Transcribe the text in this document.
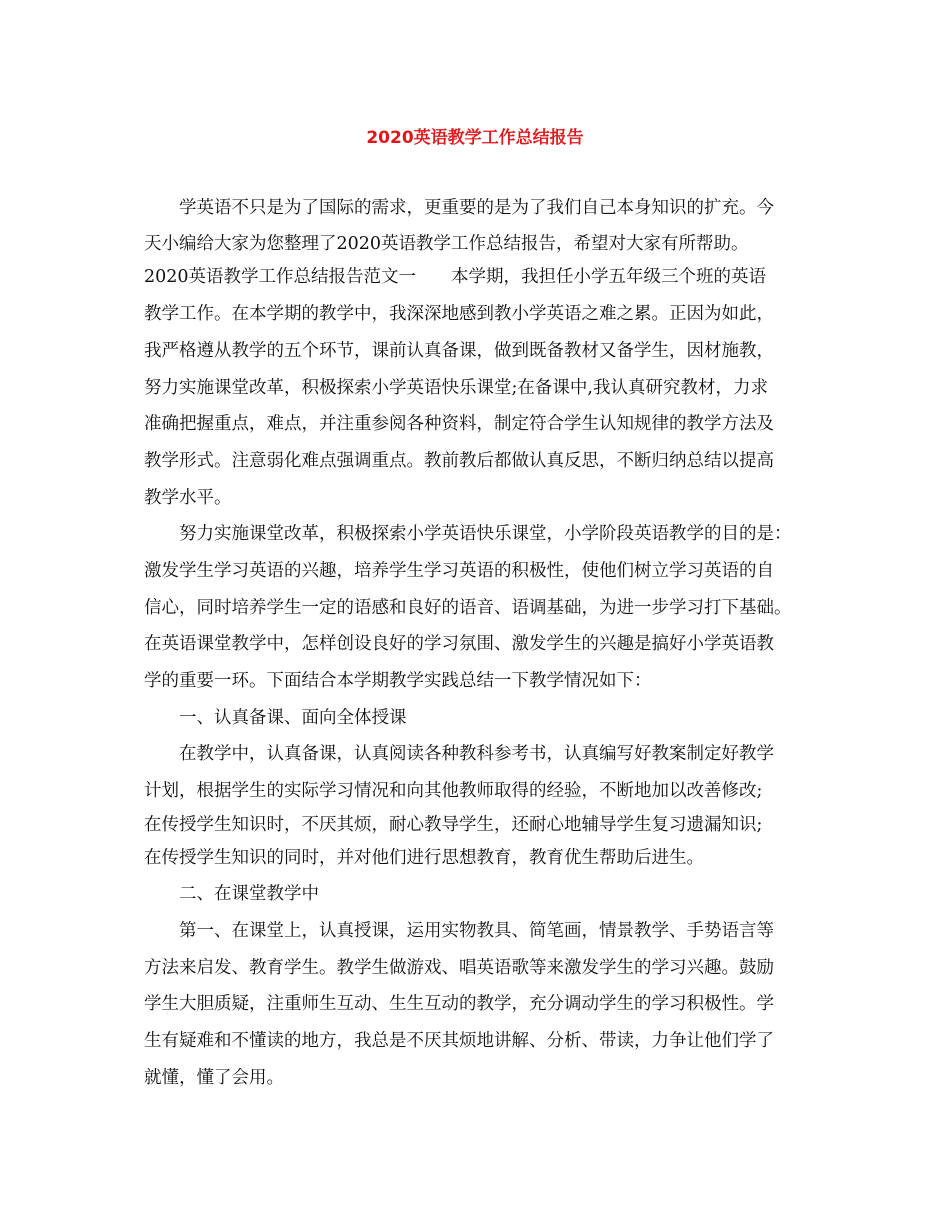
2020英语教学工作总结报告
学英语不只是为了国际的需求，更重要的是为了我们自己本身知识的扩充。今
天小编给大家为您整理了2020英语教学工作总结报告，希望对大家有所帮助。
2020英语教学工作总结报告范文一　　本学期，我担任小学五年级三个班的英语
教学工作。在本学期的教学中，我深深地感到教小学英语之难之累。正因为如此，
我严格遵从教学的五个环节，课前认真备课，做到既备教材又备学生，因材施教，
努力实施课堂改革，积极探索小学英语快乐课堂;在备课中,我认真研究教材，力求
准确把握重点，难点，并注重参阅各种资料，制定符合学生认知规律的教学方法及
教学形式。注意弱化难点强调重点。教前教后都做认真反思，不断归纳总结以提高
教学水平。
努力实施课堂改革，积极探索小学英语快乐课堂，小学阶段英语教学的目的是：
激发学生学习英语的兴趣，培养学生学习英语的积极性，使他们树立学习英语的自
信心，同时培养学生一定的语感和良好的语音、语调基础，为进一步学习打下基础。
在英语课堂教学中，怎样创设良好的学习氛围、激发学生的兴趣是搞好小学英语教
学的重要一环。下面结合本学期教学实践总结一下教学情况如下：
一、认真备课、面向全体授课
在教学中，认真备课，认真阅读各种教科参考书，认真编写好教案制定好教学
计划，根据学生的实际学习情况和向其他教师取得的经验，不断地加以改善修改;
在传授学生知识时，不厌其烦，耐心教导学生，还耐心地辅导学生复习遗漏知识;
在传授学生知识的同时，并对他们进行思想教育，教育优生帮助后进生。
二、在课堂教学中
第一、在课堂上，认真授课，运用实物教具、简笔画，情景教学、手势语言等
方法来启发、教育学生。教学生做游戏、唱英语歌等来激发学生的学习兴趣。鼓励
学生大胆质疑，注重师生互动、生生互动的教学，充分调动学生的学习积极性。学
生有疑难和不懂读的地方，我总是不厌其烦地讲解、分析、带读，力争让他们学了
就懂，懂了会用。
